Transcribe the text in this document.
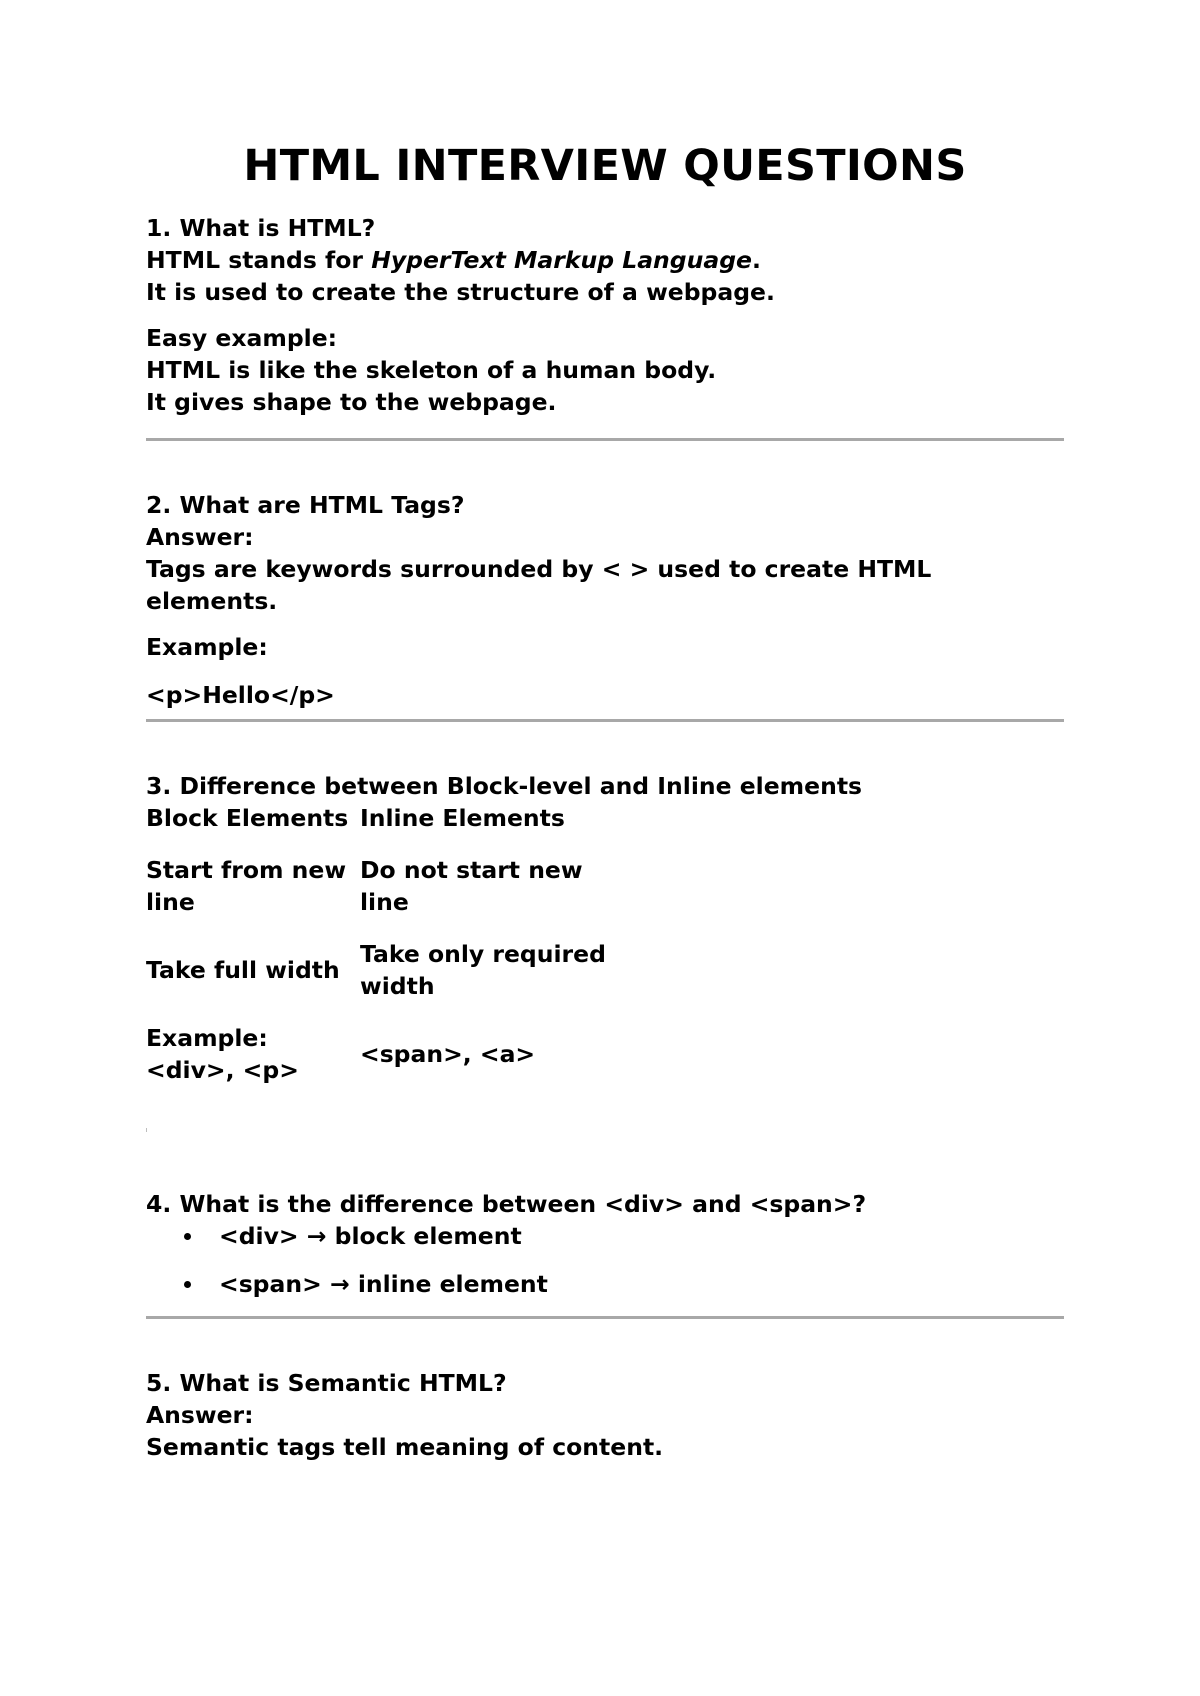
HTML INTERVIEW QUESTIONS
1. What is HTML?
HTML stands for HyperText Markup Language.
It is used to create the structure of a webpage.
Easy example:
HTML is like the skeleton of a human body.
It gives shape to the webpage.
2. What are HTML Tags?
Answer:
Tags are keywords surrounded by < > used to create HTML elements.
Example:
<p>Hello</p>
3. Difference between Block-level and Inline elements
Block Elements	Inline Elements
Start from new line	Do not start new line
Take full width	Take only required width
Example: <div>, <p>	<span>, <a>
4. What is the difference between <div> and <span>?
<div> → block element
<span> → inline element
5. What is Semantic HTML?
Answer:
Semantic tags tell meaning of content.
